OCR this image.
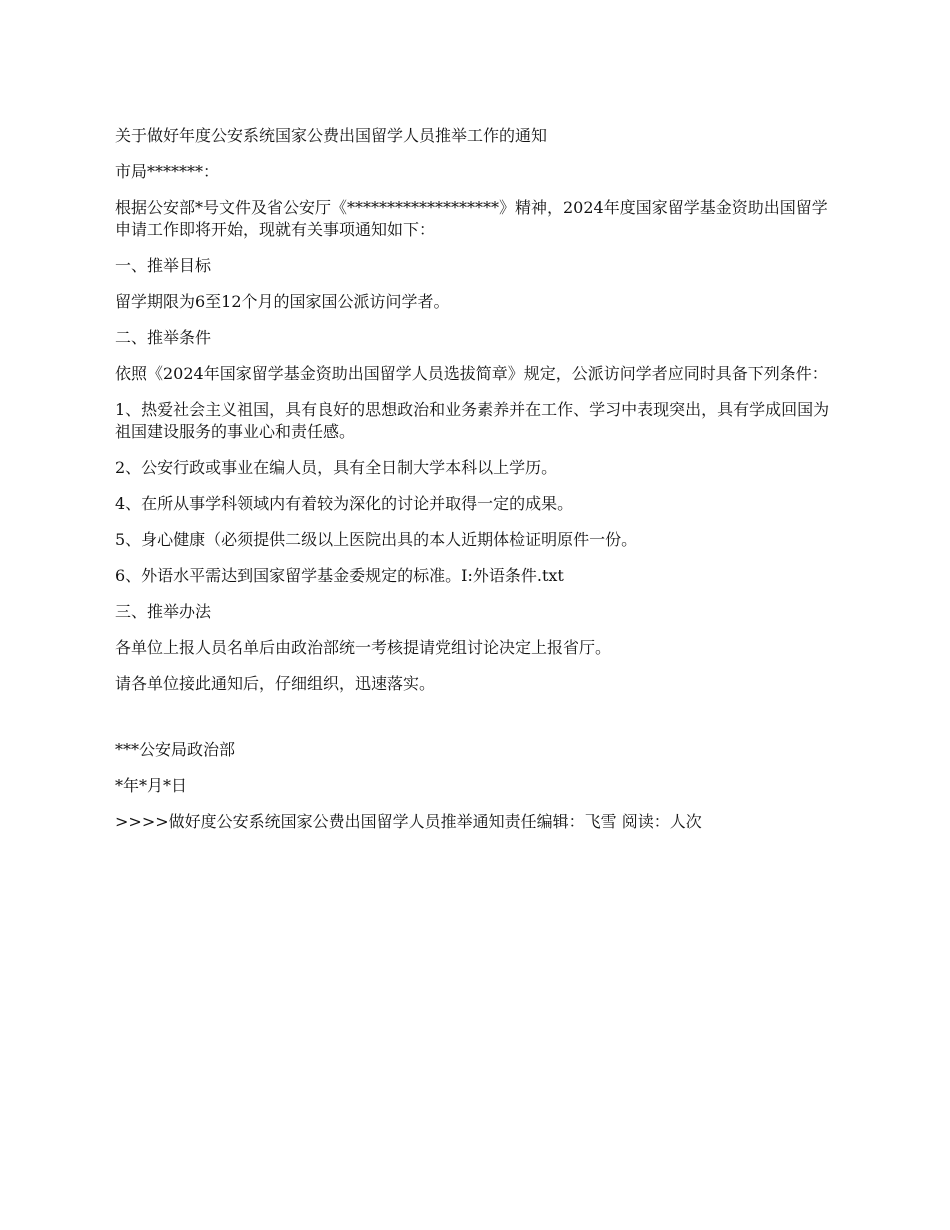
关于做好年度公安系统国家公费出国留学人员推举工作的通知

市局*******：

根据公安部*号文件及省公安厅《*******************》精神，2024年度国家留学基金资助出国留学申请工作即将开始，现就有关事项通知如下：

一、推举目标

留学期限为6至12个月的国家国公派访问学者。

二、推举条件

依照《2024年国家留学基金资助出国留学人员选拔简章》规定，公派访问学者应同时具备下列条件：

1、热爱社会主义祖国，具有良好的思想政治和业务素养并在工作、学习中表现突出，具有学成回国为祖国建设服务的事业心和责任感。

2、公安行政或事业在编人员，具有全日制大学本科以上学历。

4、在所从事学科领域内有着较为深化的讨论并取得一定的成果。

5、身心健康（必须提供二级以上医院出具的本人近期体检证明原件一份。

6、外语水平需达到国家留学基金委规定的标准。I:外语条件.txt

三、推举办法

各单位上报人员名单后由政治部统一考核提请党组讨论决定上报省厅。

请各单位接此通知后，仔细组织，迅速落实。

***公安局政治部

*年*月*日

>>>>做好度公安系统国家公费出国留学人员推举通知责任编辑：飞雪 阅读：人次
